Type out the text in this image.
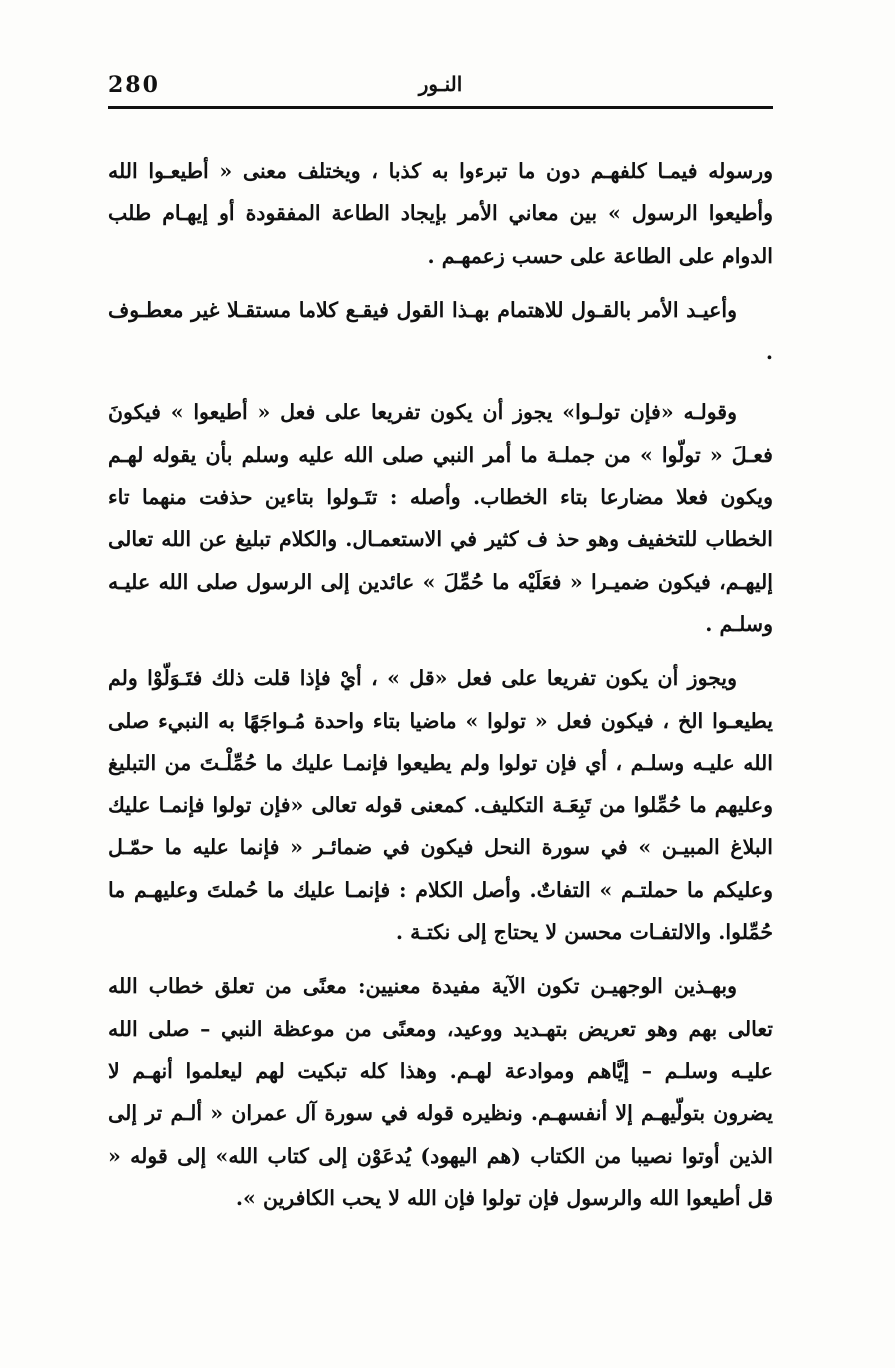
280	النـور

ورسوله فيمـا كلفهـم دون ما تبرءوا به كذبا ، ويختلف معنى « أطيعـوا الله وأطيعوا الرسول » بين معاني الأمر بإيجاد الطاعة المفقودة أو إيهـام طلب الدوام على الطاعة على حسب زعمهـم .

وأعيـد الأمر بالقـول للاهتمام بهـذا القول فيقـع كلاما مستقـلا غير معطـوف .

وقولـه «فإن تولـوا» يجوز أن يكون تفريعا على فعل « أطيعوا » فيكونَ فعـلَ « تولّوا » من جملـة ما أمر النبي صلى الله عليه وسلم بأن يقوله لهـم ويكون فعلا مضارعا بتاء الخطاب. وأصله : تتَـولوا بتاءين حذفت منهما تاء الخطاب للتخفيف وهو حذ ف كثير في الاستعمـال. والكلام تبليغ عن الله تعالى إليهـم، فيكون ضميـرا « فعَلَيْه ما حُمِّلَ » عائدين إلى الرسول صلى الله عليـه وسلـم .

ويجوز أن يكون تفريعا على فعل «قل » ، أيْ فإذا قلت ذلك فتَـوَلّوْا ولم يطيعـوا الخ ، فيكون فعل « تولوا » ماضيا بتاء واحدة مُـواجَهًا به النبيء صلى الله عليـه وسلـم ، أي فإن تولوا ولم يطيعوا فإنمـا عليك ما حُمِّلْـتَ من التبليغ وعليهم ما حُمِّلوا من تَبِعَـة التكليف. كمعنى قوله تعالى «فإن تولوا فإنمـا عليك البلاغ المبيـن » في سورة النحل فيكون في ضمائـر « فإنما عليه ما حمّـل وعليكم ما حملتـم » التفاتٌ. وأصل الكلام : فإنمـا عليك ما حُملتَ وعليهـم ما حُمِّلوا. والالتفـات محسن لا يحتاج إلى نكتـة .

وبهـذين الوجهيـن تكون الآية مفيدة معنيين: معنًى من تعلق خطاب الله تعالى بهم وهو تعريض بتهـديد ووعيد، ومعنًى من موعظة النبي – صلى الله عليـه وسلـم – إيَّاهم وموادعة لهـم. وهذا كله تبكيت لهم ليعلموا أنهـم لا يضرون بتولّيهـم إلا أنفسهـم. ونظيره قوله في سورة آل عمران « ألـم تر إلى الذين أوتوا نصيبا من الكتاب (هم اليهود) يُدعَوْن إلى كتاب الله» إلى قوله « قل أطيعوا الله والرسول فإن تولوا فإن الله لا يحب الكافرين ».
